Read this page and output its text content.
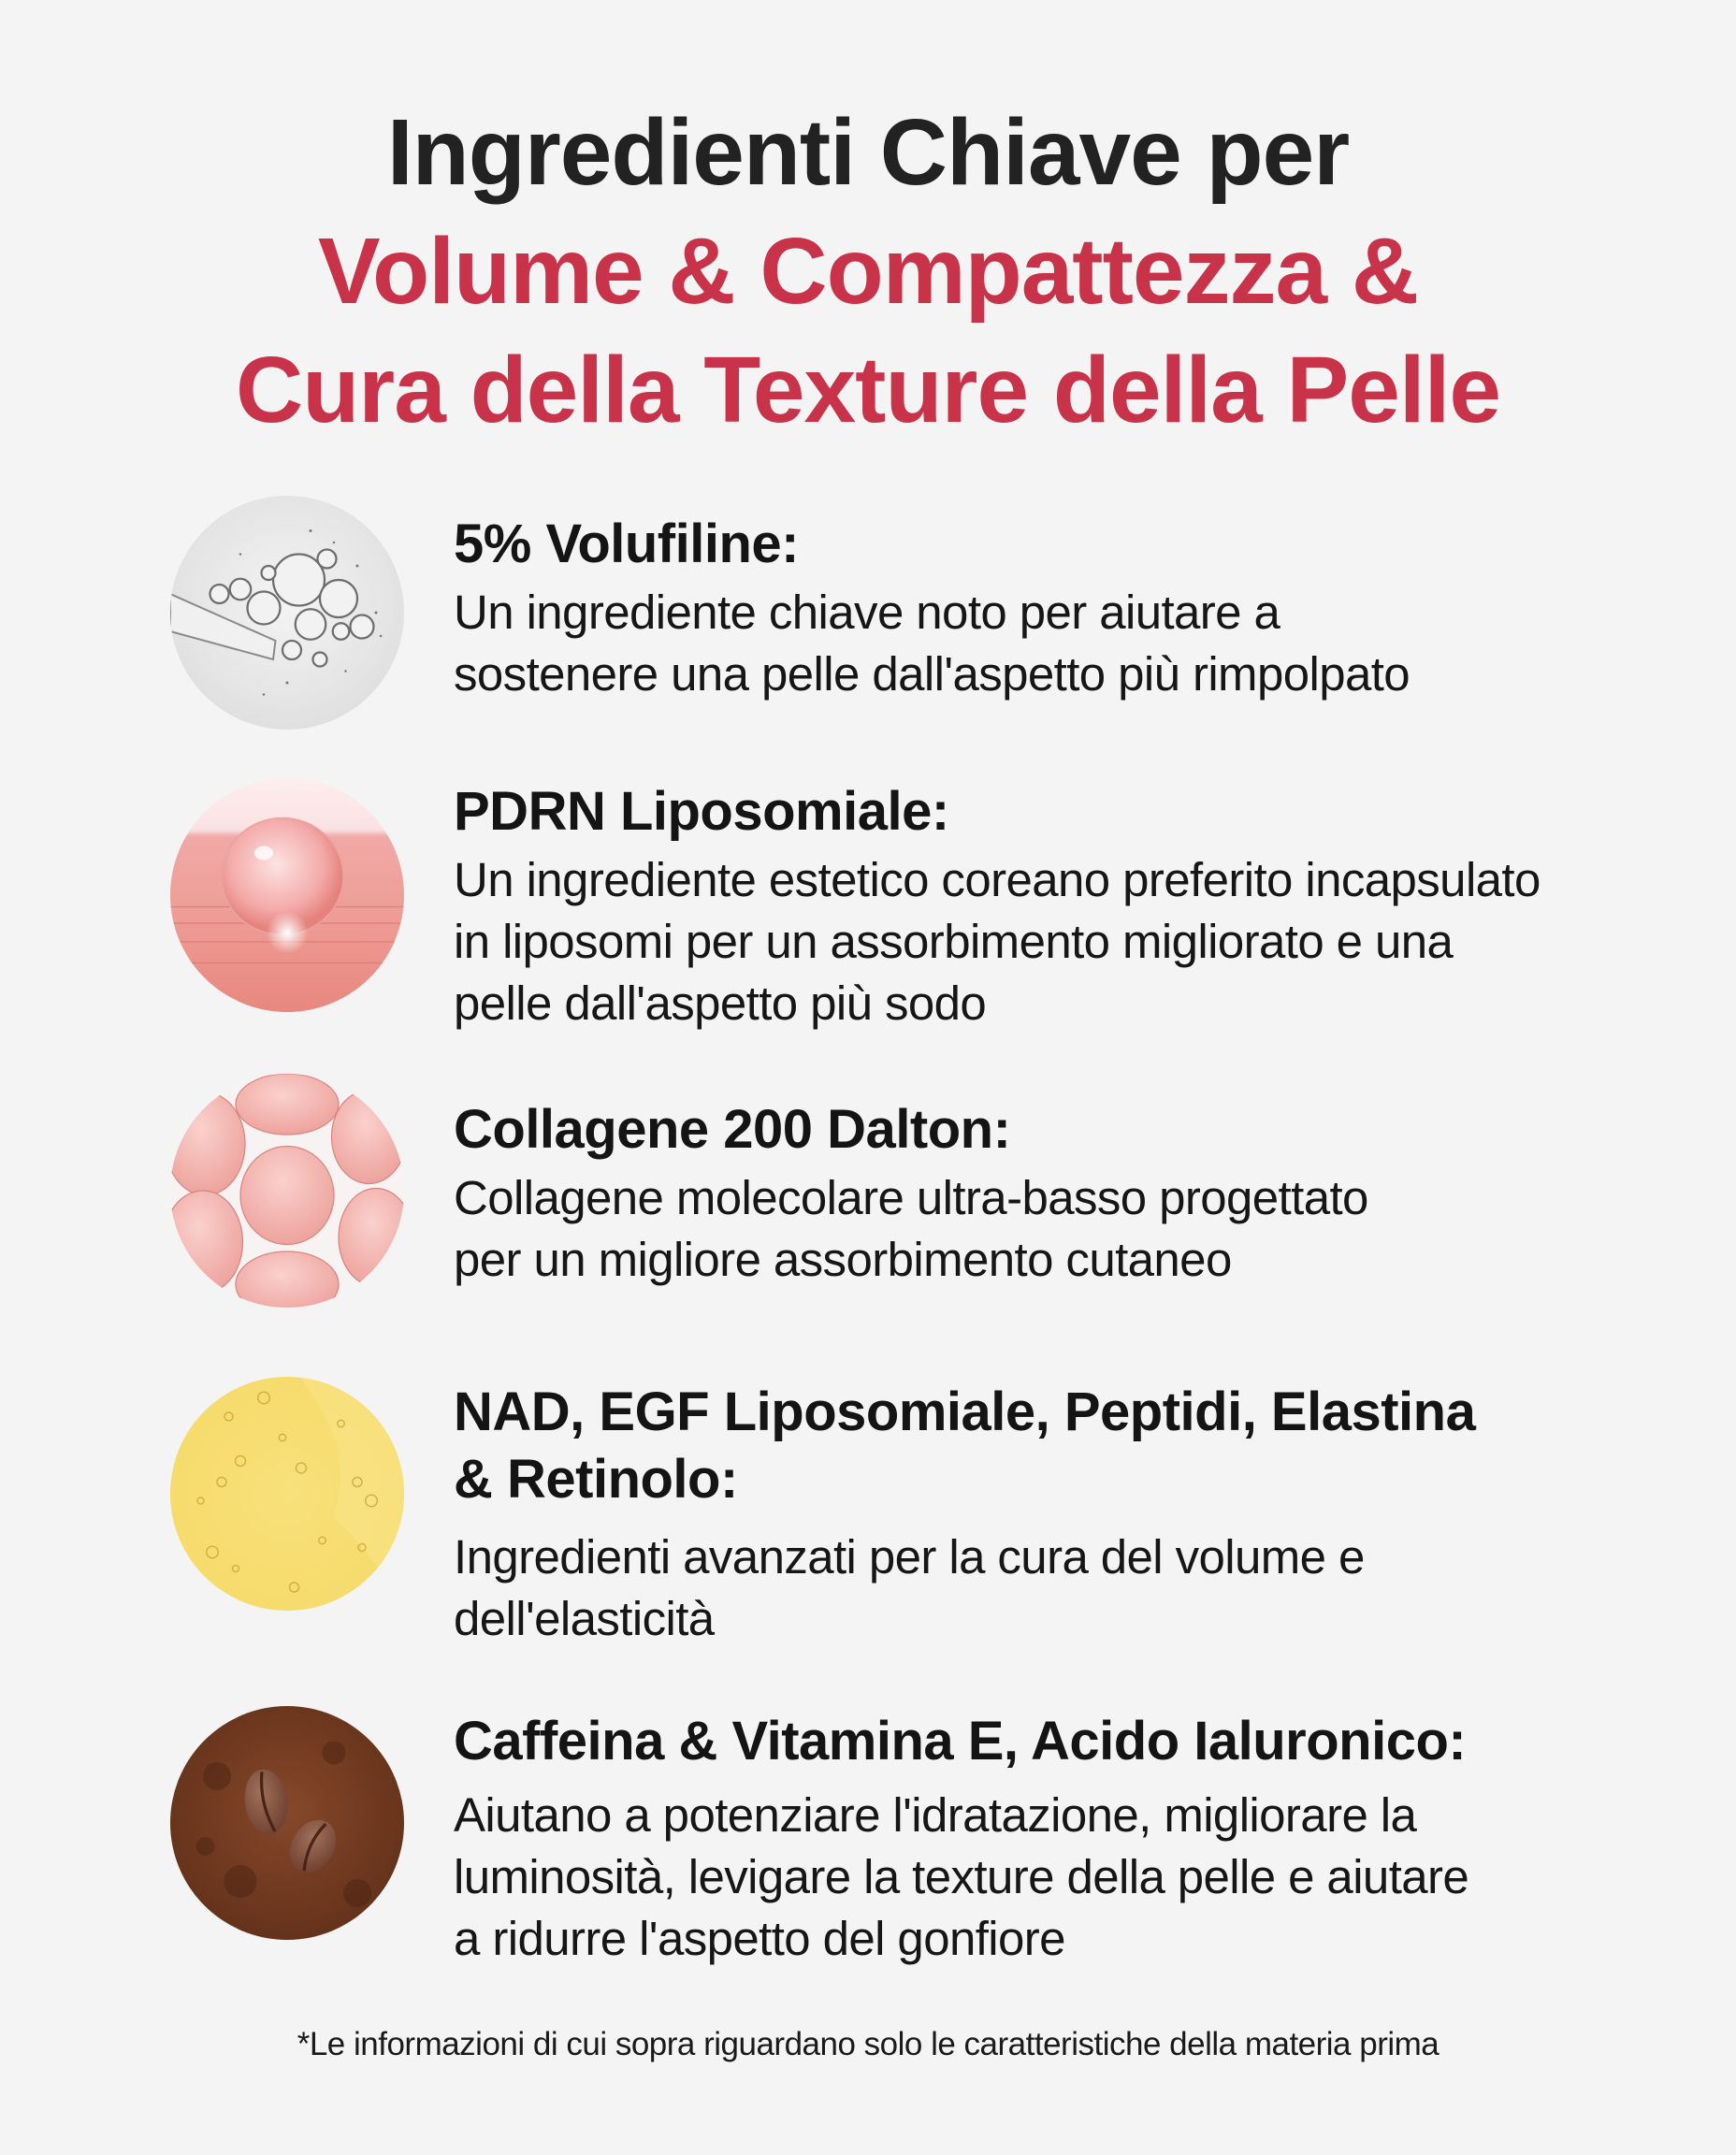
Ingredienti Chiave per
Volume & Compattezza &
Cura della Texture della Pelle
5% Volufiline:
Un ingrediente chiave noto per aiutare a
sostenere una pelle dall'aspetto più rimpolpato
PDRN Liposomiale:
Un ingrediente estetico coreano preferito incapsulato
in liposomi per un assorbimento migliorato e una
pelle dall'aspetto più sodo
Collagene 200 Dalton:
Collagene molecolare ultra-basso progettato
per un migliore assorbimento cutaneo
NAD, EGF Liposomiale, Peptidi, Elastina
& Retinolo:
Ingredienti avanzati per la cura del volume e
dell'elasticità
Caffeina & Vitamina E, Acido Ialuronico:
Aiutano a potenziare l'idratazione, migliorare la
luminosità, levigare la texture della pelle e aiutare
a ridurre l'aspetto del gonfiore
*Le informazioni di cui sopra riguardano solo le caratteristiche della materia prima
